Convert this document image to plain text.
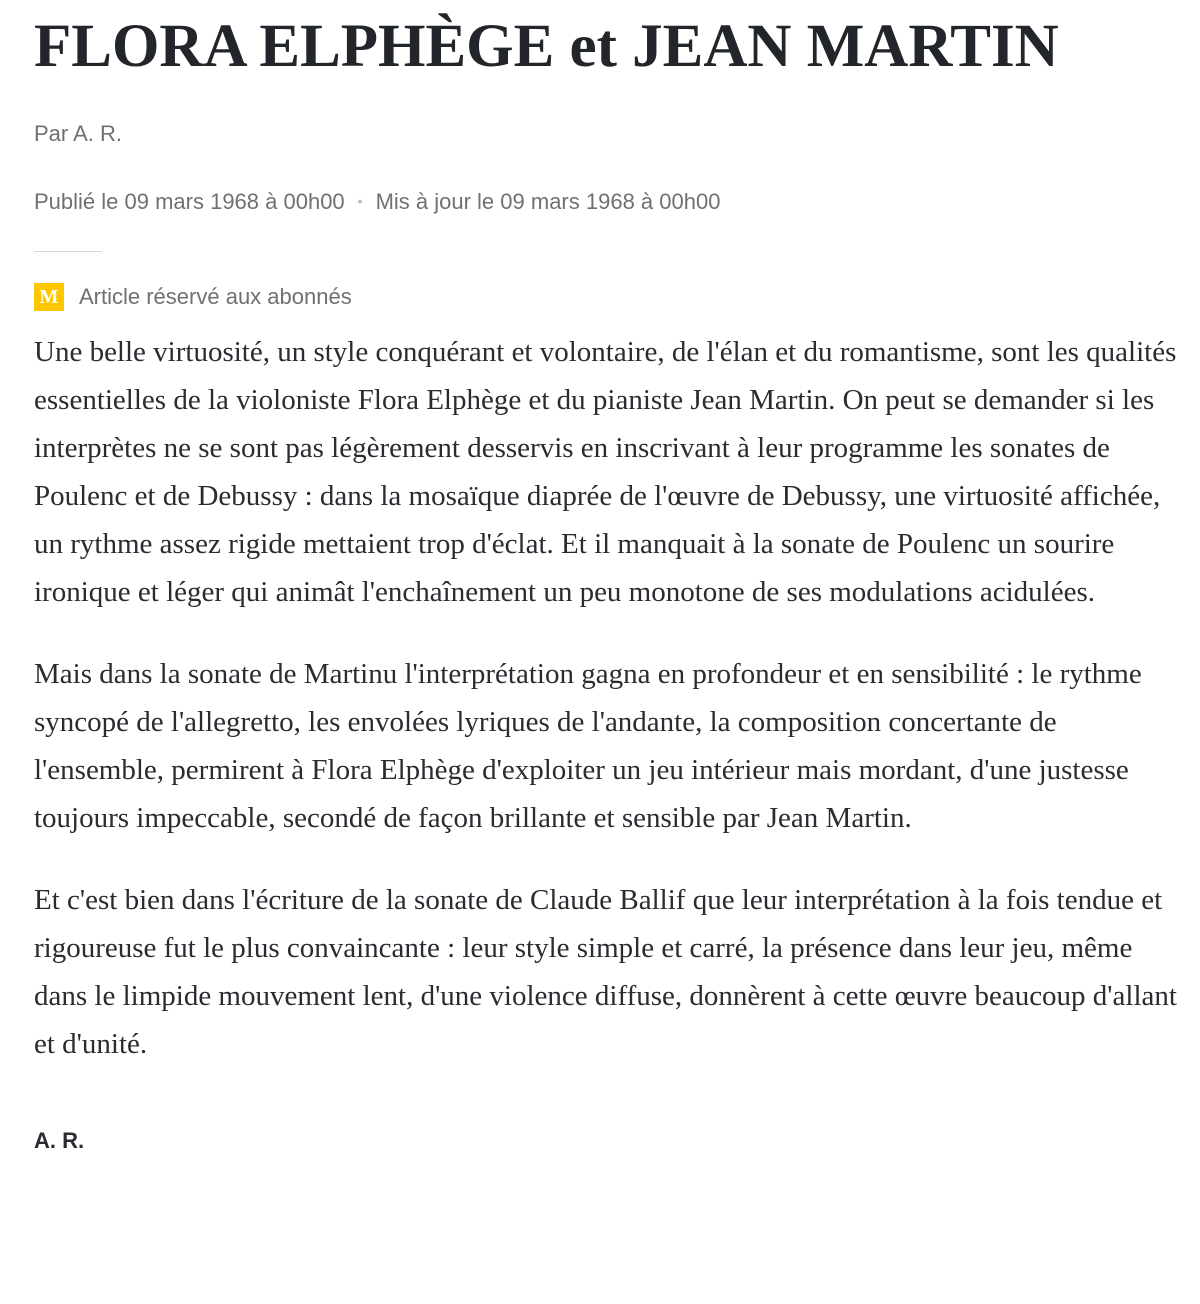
FLORA ELPHÈGE et JEAN MARTIN
Par A. R.
Publié le 09 mars 1968 à 00h00 • Mis à jour le 09 mars 1968 à 00h00
M Article réservé aux abonnés

Une belle virtuosité, un style conquérant et volontaire, de l'élan et du romantisme, sont les qualités essentielles de la violoniste Flora Elphège et du pianiste Jean Martin. On peut se demander si les interprètes ne se sont pas légèrement desservis en inscrivant à leur programme les sonates de Poulenc et de Debussy : dans la mosaïque diaprée de l'œuvre de Debussy, une virtuosité affichée, un rythme assez rigide mettaient trop d'éclat. Et il manquait à la sonate de Poulenc un sourire ironique et léger qui animât l'enchaînement un peu monotone de ses modulations acidulées.

Mais dans la sonate de Martinu l'interprétation gagna en profondeur et en sensibilité : le rythme syncopé de l'allegretto, les envolées lyriques de l'andante, la composition concertante de l'ensemble, permirent à Flora Elphège d'exploiter un jeu intérieur mais mordant, d'une justesse toujours impeccable, secondé de façon brillante et sensible par Jean Martin.

Et c'est bien dans l'écriture de la sonate de Claude Ballif que leur interprétation à la fois tendue et rigoureuse fut le plus convaincante : leur style simple et carré, la présence dans leur jeu, même dans le limpide mouvement lent, d'une violence diffuse, donnèrent à cette œuvre beaucoup d'allant et d'unité.

A. R.
